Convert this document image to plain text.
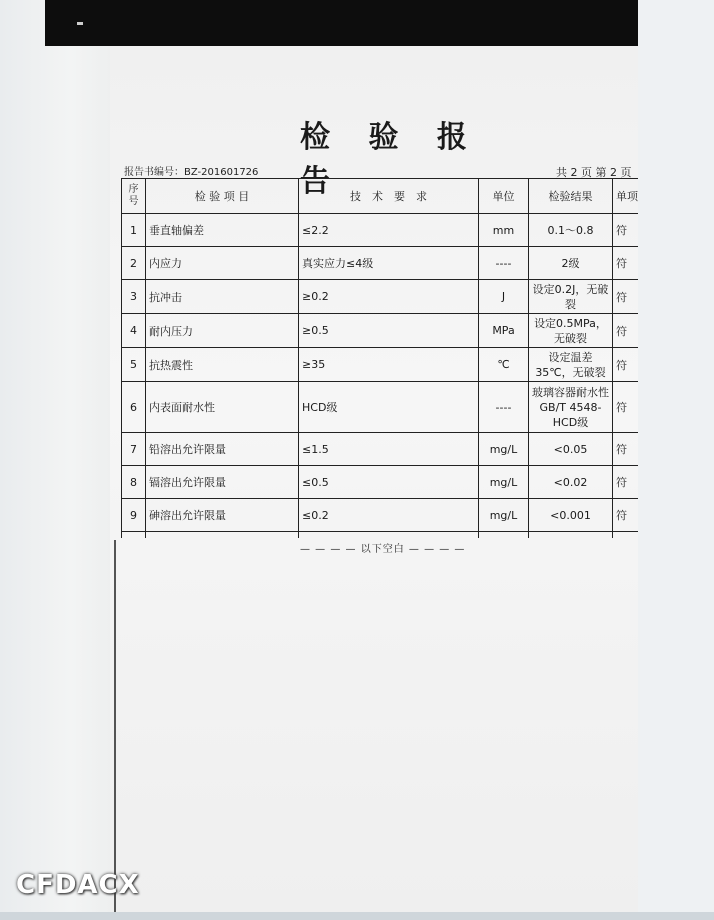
检 验 报 告
报告书编号：BZ-201601726	共 2 页 第 2 页
序号	检 验 项 目	技　术　要　求	单位	检验结果	单项
1	垂直轴偏差	≤2.2	mm	0.1～0.8	符
2	内应力	真实应力≤4级	----	2级	符
3	抗冲击	≥0.2	J	设定0.2J，无破裂	符
4	耐内压力	≥0.5	MPa	设定0.5MPa，无破裂	符
5	抗热震性	≥35	℃	设定温差35℃，无破裂	符
6	内表面耐水性	HCD级	----	玻璃容器耐水性GB/T 4548-HCD级	符
7	铅溶出允许限量	≤1.5	mg/L	<0.05	符
8	镉溶出允许限量	≤0.5	mg/L	<0.02	符
9	砷溶出允许限量	≤0.2	mg/L	<0.001	符

— — — — 以下空白 — — — —
CFDACX
